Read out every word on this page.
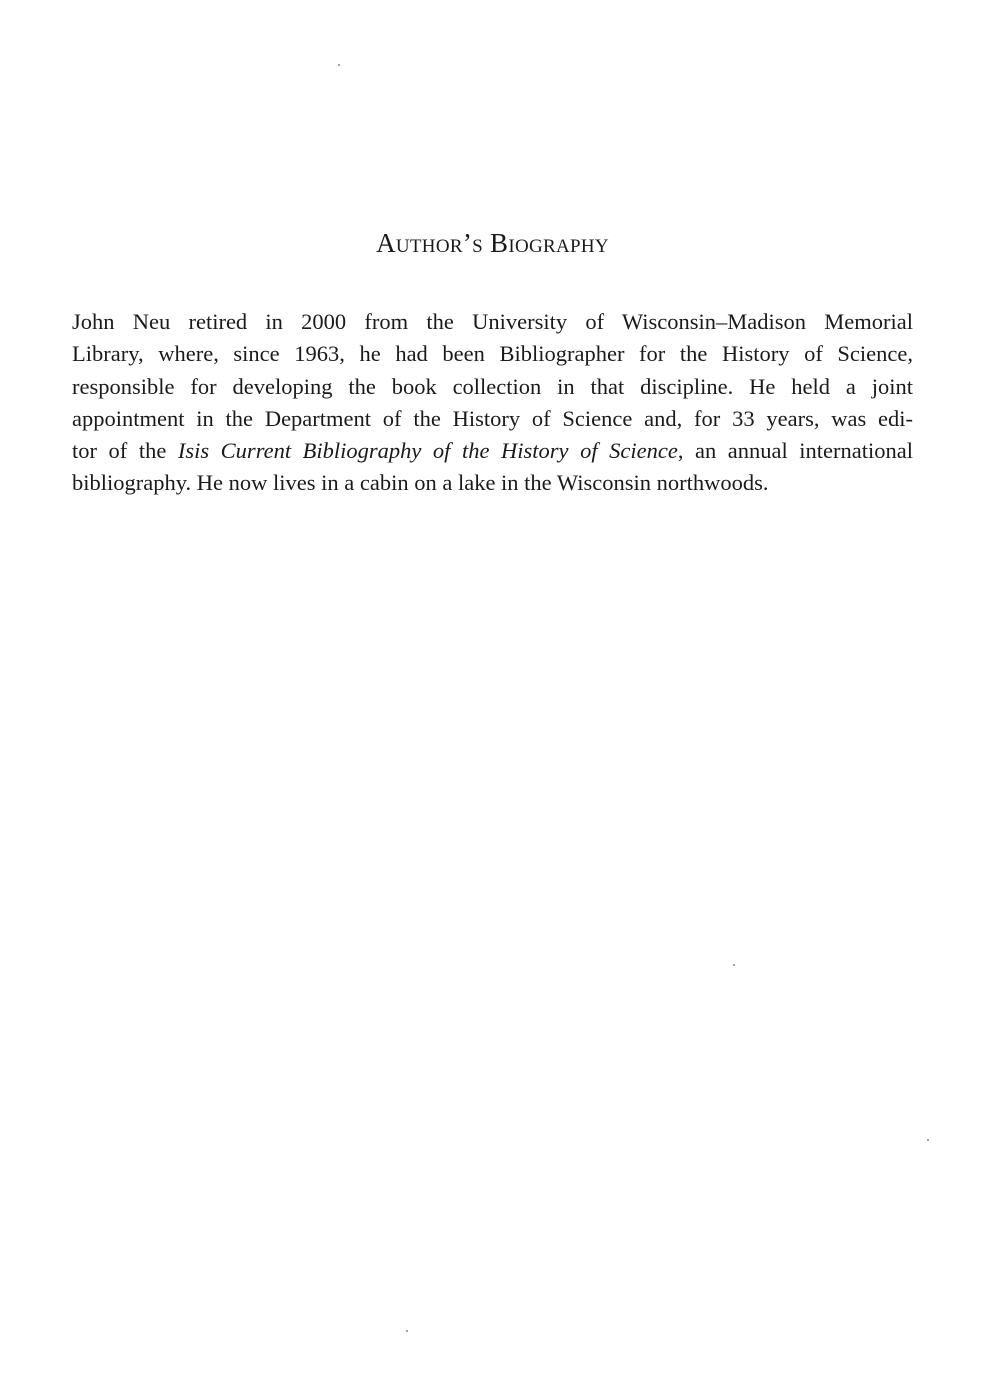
Author’s Biography

John Neu retired in 2000 from the University of Wisconsin–Madison Memorial
Library, where, since 1963, he had been Bibliographer for the History of Science,
responsible for developing the book collection in that discipline. He held a joint
appointment in the Department of the History of Science and, for 33 years, was edi-
tor of the Isis Current Bibliography of the History of Science, an annual international
bibliography. He now lives in a cabin on a lake in the Wisconsin northwoods.
